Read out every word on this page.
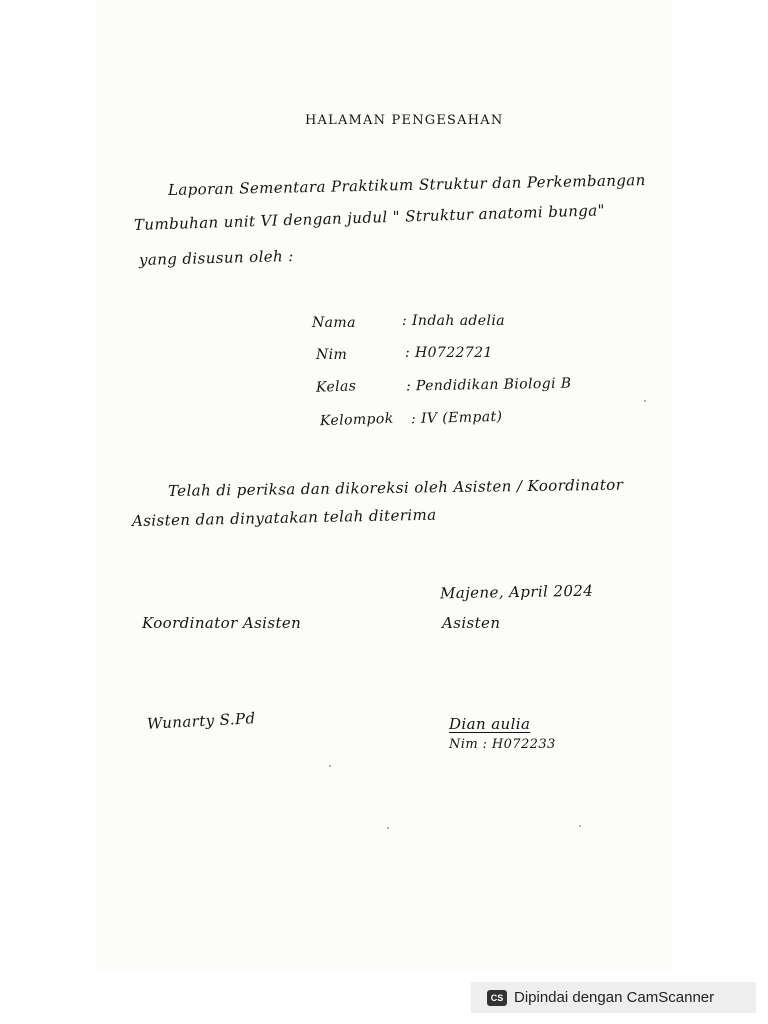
HALAMAN PENGESAHAN
Laporan Sementara Praktikum Struktur dan Perkembangan
Tumbuhan unit VI dengan judul " Struktur anatomi bunga"
yang disusun oleh :
Nama	: Indah adelia
Nim	: H0722721
Kelas	: Pendidikan Biologi B
Kelompok : IV (Empat)
Telah di periksa dan dikoreksi oleh Asisten / Koordinator
Asisten dan dinyatakan telah diterima
Majene, April 2024
Koordinator Asisten	Asisten
Wunarty S.Pd	Dian aulia
Nim : H072233
CS Dipindai dengan CamScanner
